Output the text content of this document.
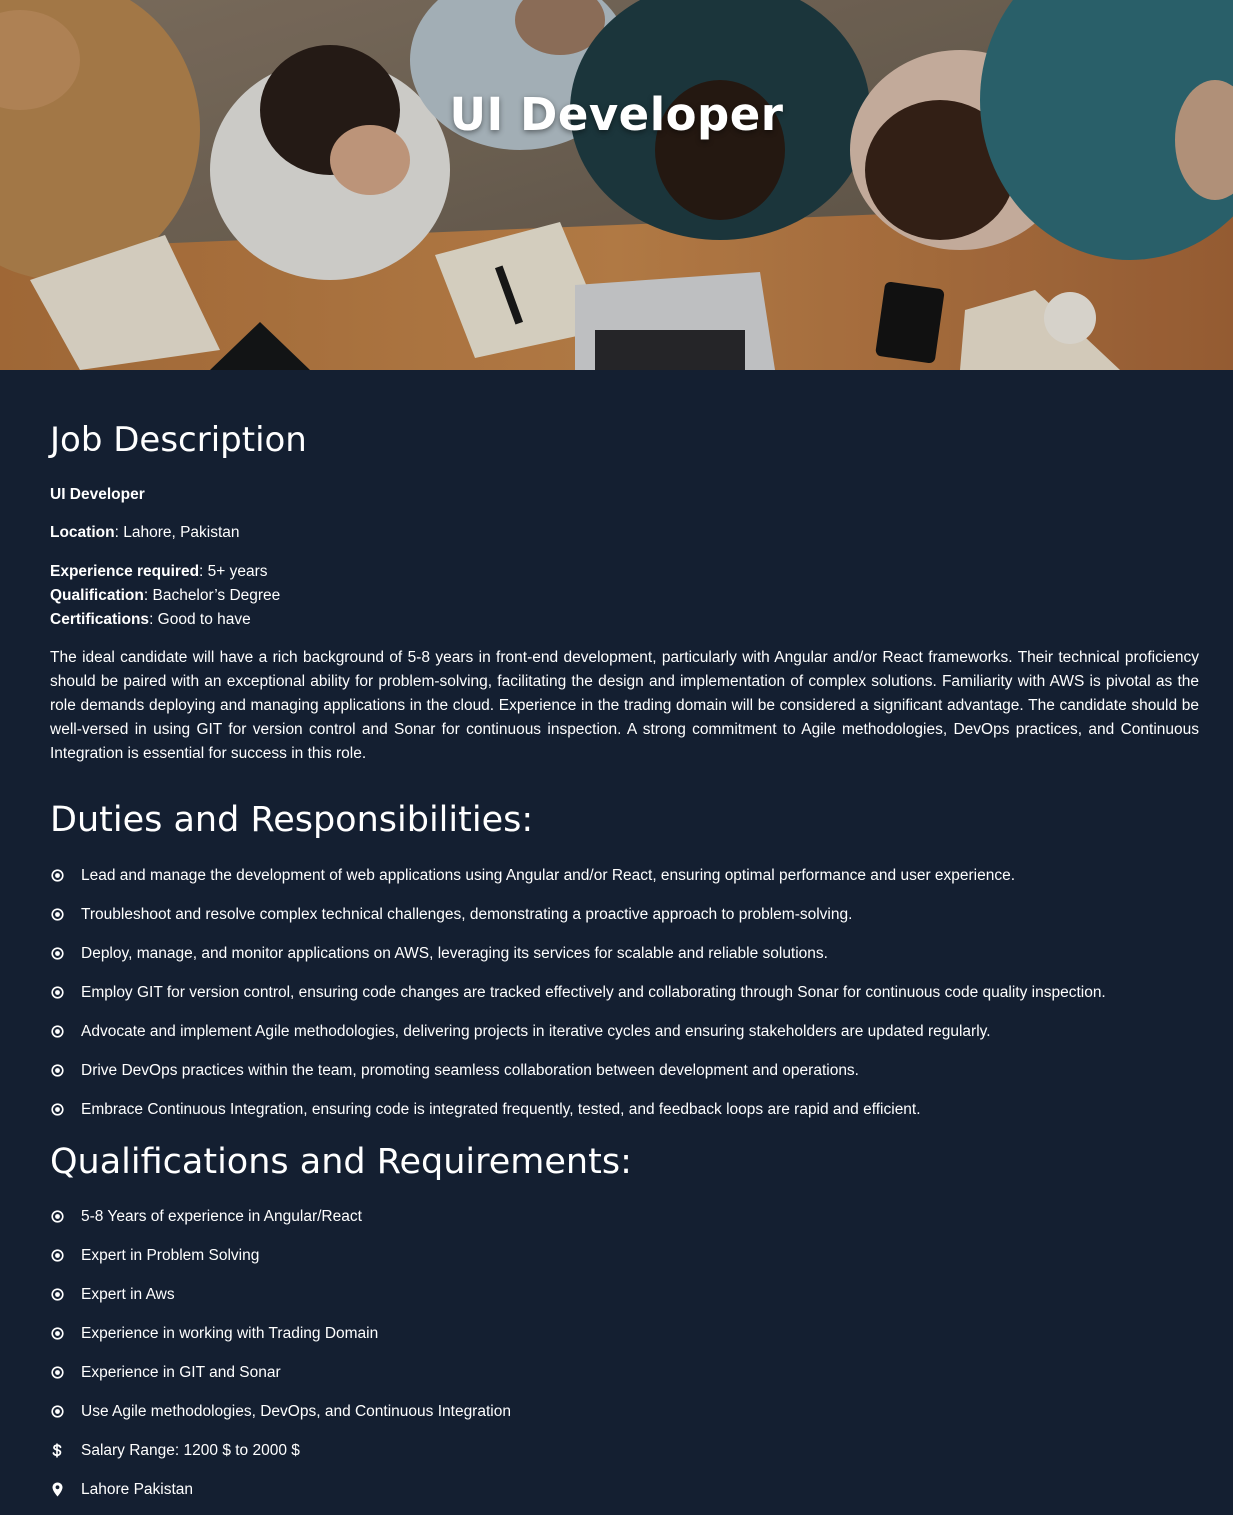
UI Developer
Job Description
UI Developer
Location: Lahore, Pakistan
Experience required: 5+ years
Qualification: Bachelor’s Degree
Certifications: Good to have
The ideal candidate will have a rich background of 5-8 years in front-end development, particularly with Angular and/or React frameworks. Their technical proficiency should be paired with an exceptional ability for problem-solving, facilitating the design and implementation of complex solutions. Familiarity with AWS is pivotal as the role demands deploying and managing applications in the cloud. Experience in the trading domain will be considered a significant advantage. The candidate should be well-versed in using GIT for version control and Sonar for continuous inspection. A strong commitment to Agile methodologies, DevOps practices, and Continuous Integration is essential for success in this role.
Duties and Responsibilities:
Lead and manage the development of web applications using Angular and/or React, ensuring optimal performance and user experience.
Troubleshoot and resolve complex technical challenges, demonstrating a proactive approach to problem-solving.
Deploy, manage, and monitor applications on AWS, leveraging its services for scalable and reliable solutions.
Employ GIT for version control, ensuring code changes are tracked effectively and collaborating through Sonar for continuous code quality inspection.
Advocate and implement Agile methodologies, delivering projects in iterative cycles and ensuring stakeholders are updated regularly.
Drive DevOps practices within the team, promoting seamless collaboration between development and operations.
Embrace Continuous Integration, ensuring code is integrated frequently, tested, and feedback loops are rapid and efficient.
Qualifications and Requirements:
5-8 Years of experience in Angular/React
Expert in Problem Solving
Expert in Aws
Experience in working with Trading Domain
Experience in GIT and Sonar
Use Agile methodologies, DevOps, and Continuous Integration
Salary Range: 1200 $ to 2000 $
Lahore Pakistan
